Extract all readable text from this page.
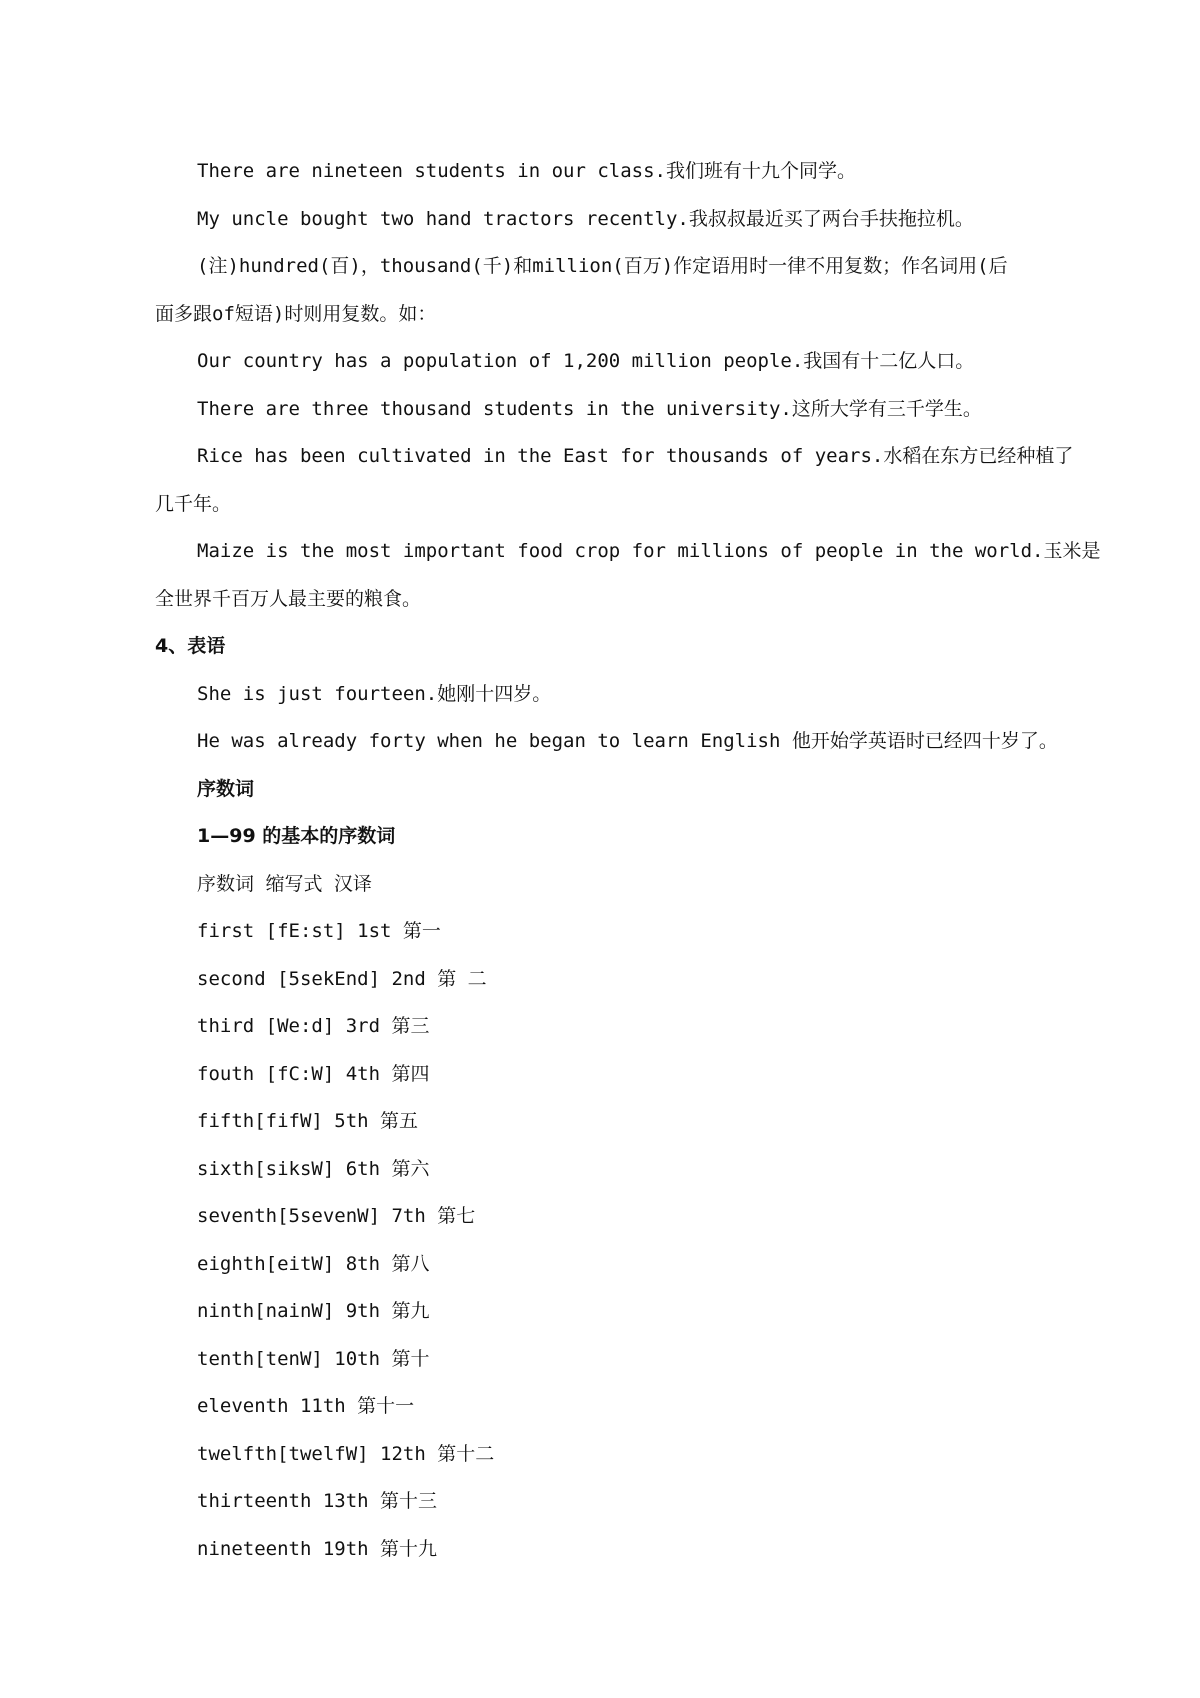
There are nineteen students in our class.我们班有十九个同学。
My uncle bought two hand tractors recently.我叔叔最近买了两台手扶拖拉机。
(注)hundred(百)，thousand(千)和million(百万)作定语用时一律不用复数；作名词用(后
面多跟of短语)时则用复数。如：
Our country has a population of 1,200 million people.我国有十二亿人口。
There are three thousand students in the university.这所大学有三千学生。
Rice has been cultivated in the East for thousands of years.水稻在东方已经种植了
几千年。
Maize is the most important food crop for millions of people in the world.玉米是
全世界千百万人最主要的粮食。
4、表语
She is just fourteen.她刚十四岁。
He was already forty when he began to learn English 他开始学英语时已经四十岁了。
序数词
1—99 的基本的序数词
序数词 缩写式 汉译
first [fE:st] 1st 第一
second [5sekEnd] 2nd 第 二
third [We:d] 3rd 第三
fouth [fC:W] 4th 第四
fifth[fifW] 5th 第五
sixth[siksW] 6th 第六
seventh[5sevenW] 7th 第七
eighth[eitW] 8th 第八
ninth[nainW] 9th 第九
tenth[tenW] 10th 第十
eleventh 11th 第十一
twelfth[twelfW] 12th 第十二
thirteenth 13th 第十三
nineteenth 19th 第十九
